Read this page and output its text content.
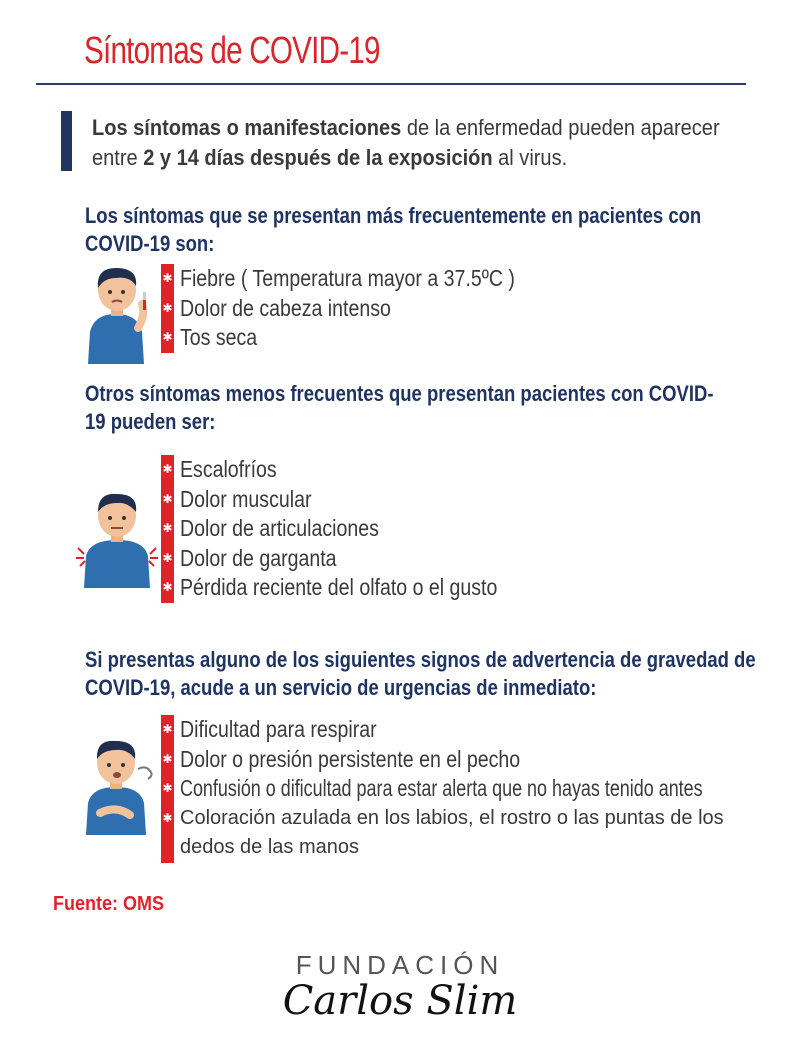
Síntomas de COVID-19
Los síntomas o manifestaciones de la enfermedad pueden aparecer entre 2 y 14 días después de la exposición al virus.
Los síntomas que se presentan más frecuentemente en pacientes con COVID-19 son:
✱ Fiebre ( Temperatura mayor a 37.5ºC )
✱ Dolor de cabeza intenso
✱ Tos seca
Otros síntomas menos frecuentes que presentan pacientes con COVID-19 pueden ser:
✱ Escalofríos
✱ Dolor muscular
✱ Dolor de articulaciones
✱ Dolor de garganta
✱ Pérdida reciente del olfato o el gusto
Si presentas alguno de los siguientes signos de advertencia de gravedad de COVID-19, acude a un servicio de urgencias de inmediato:
✱ Dificultad para respirar
✱ Dolor o presión persistente en el pecho
✱ Confusión o dificultad para estar alerta que no hayas tenido antes
✱ Coloración azulada en los labios, el rostro o las puntas de los dedos de las manos
Fuente: OMS
FUNDACIÓN
Carlos Slim
